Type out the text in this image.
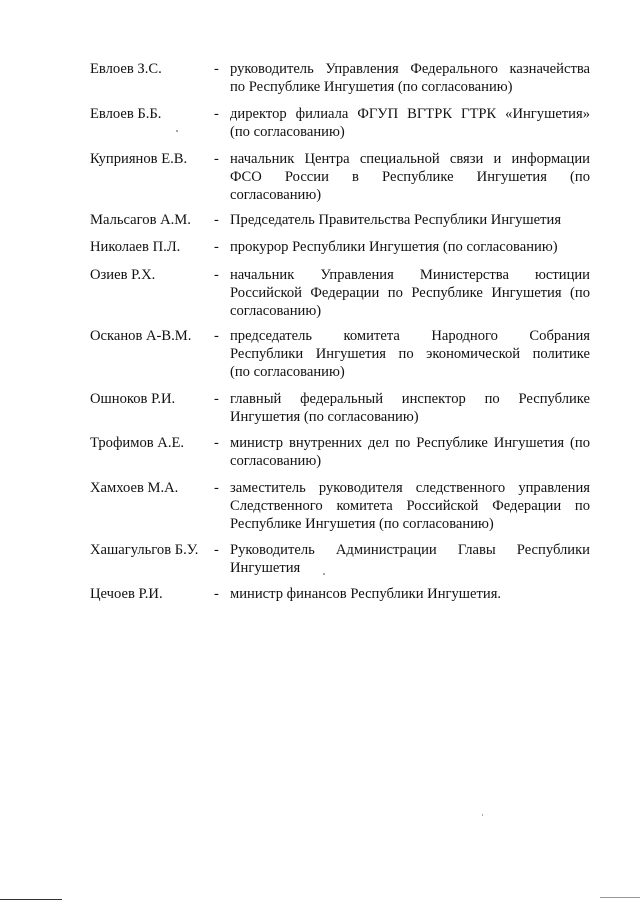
Евлоев З.С.	- руководитель Управления Федерального казначейства
по Республике Ингушетия (по согласованию)
Евлоев Б.Б.	- директор филиала ФГУП ВГТРК ГТРК «Ингушетия»
(по согласованию)
Куприянов Е.В.	- начальник Центра специальной связи и информации
ФСО России в Республике Ингушетия (по
согласованию)
Мальсагов А.М.	- Председатель Правительства Республики Ингушетия
Николаев П.Л.	- прокурор Республики Ингушетия (по согласованию)
Озиев Р.Х.	- начальник Управления Министерства юстиции
Российской Федерации по Республике Ингушетия (по
согласованию)
Осканов А-В.М.	- председатель комитета Народного Собрания
Республики Ингушетия по экономической политике
(по согласованию)
Ошноков Р.И.	- главный федеральный инспектор по Республике
Ингушетия (по согласованию)
Трофимов А.Е.	- министр внутренних дел по Республике Ингушетия (по
согласованию)
Хамхоев М.А.	- заместитель руководителя следственного управления
Следственного комитета Российской Федерации по
Республике Ингушетия (по согласованию)
Хашагульгов Б.У.	- Руководитель Администрации Главы Республики
Ингушетия
Цечоев Р.И.	- министр финансов Республики Ингушетия.
